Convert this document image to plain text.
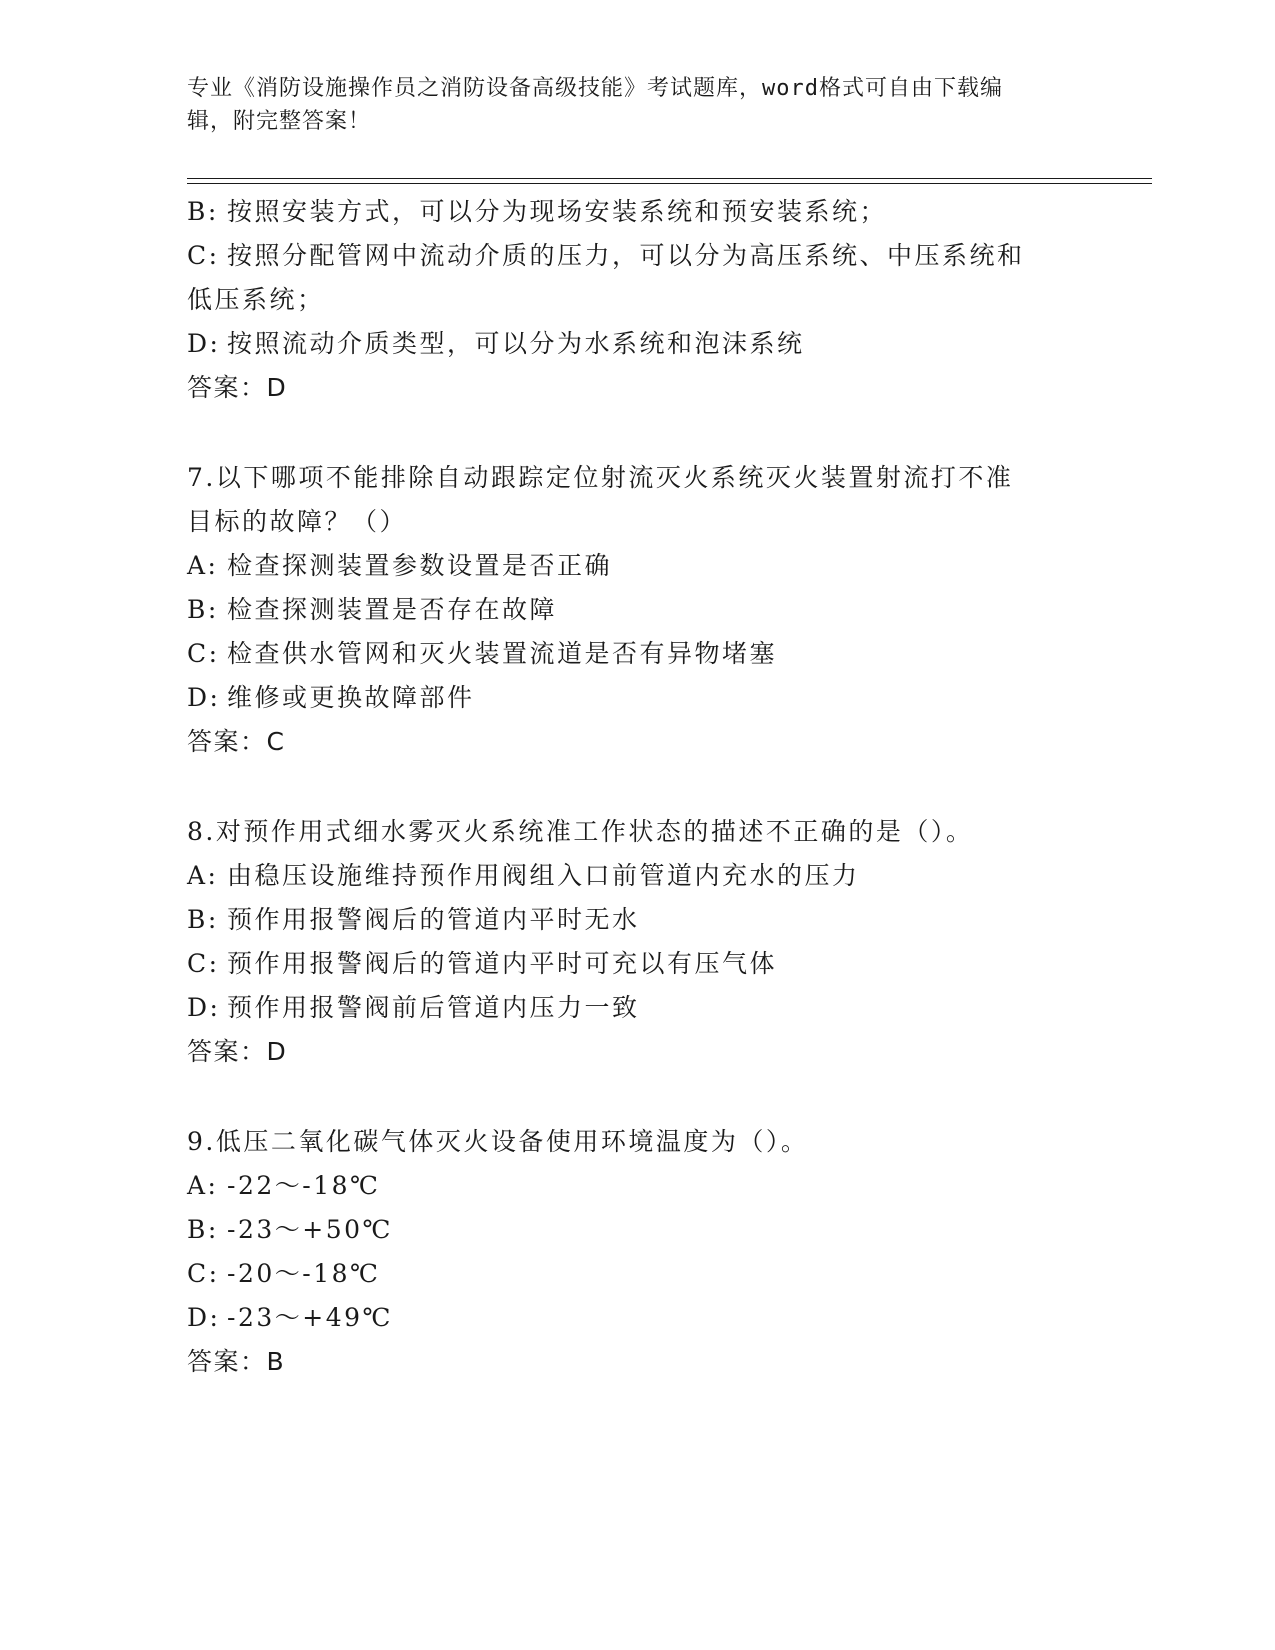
专业《消防设施操作员之消防设备高级技能》考试题库，word格式可自由下载编
辑，附完整答案！
B: 按照安装方式，可以分为现场安装系统和预安装系统；
C: 按照分配管网中流动介质的压力，可以分为高压系统、中压系统和
低压系统；
D: 按照流动介质类型，可以分为水系统和泡沫系统
答案：D
7.以下哪项不能排除自动跟踪定位射流灭火系统灭火装置射流打不准
目标的故障？（）
A: 检查探测装置参数设置是否正确
B: 检查探测装置是否存在故障
C: 检查供水管网和灭火装置流道是否有异物堵塞
D: 维修或更换故障部件
答案：C
8.对预作用式细水雾灭火系统准工作状态的描述不正确的是（）。
A: 由稳压设施维持预作用阀组入口前管道内充水的压力
B: 预作用报警阀后的管道内平时无水
C: 预作用报警阀后的管道内平时可充以有压气体
D: 预作用报警阀前后管道内压力一致
答案：D
9.低压二氧化碳气体灭火设备使用环境温度为（）。
A: -22～-18℃
B: -23～+50℃
C: -20～-18℃
D: -23～+49℃
答案：B
